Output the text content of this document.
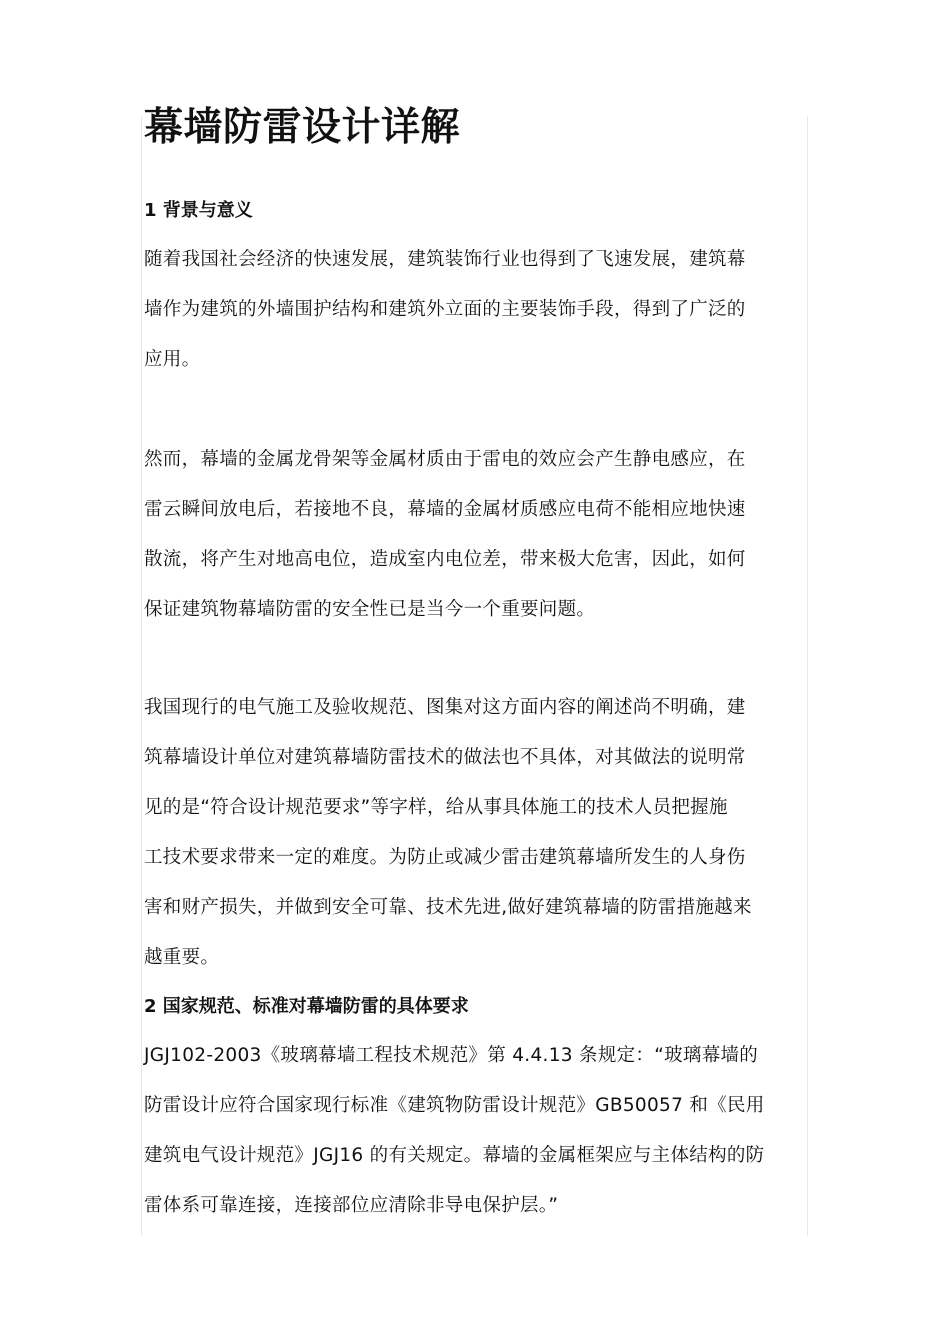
幕墙防雷设计详解
1 背景与意义
随着我国社会经济的快速发展，建筑装饰行业也得到了飞速发展，建筑幕
墙作为建筑的外墙围护结构和建筑外立面的主要装饰手段，得到了广泛的
应用。
然而，幕墙的金属龙骨架等金属材质由于雷电的效应会产生静电感应，在
雷云瞬间放电后，若接地不良，幕墙的金属材质感应电荷不能相应地快速
散流，将产生对地高电位，造成室内电位差，带来极大危害，因此，如何
保证建筑物幕墙防雷的安全性已是当今一个重要问题。
我国现行的电气施工及验收规范、图集对这方面内容的阐述尚不明确，建
筑幕墙设计单位对建筑幕墙防雷技术的做法也不具体，对其做法的说明常
见的是“符合设计规范要求”等字样，给从事具体施工的技术人员把握施
工技术要求带来一定的难度。为防止或减少雷击建筑幕墙所发生的人身伤
害和财产损失，并做到安全可靠、技术先进,做好建筑幕墙的防雷措施越来
越重要。
2 国家规范、标准对幕墙防雷的具体要求
JGJ102-2003《玻璃幕墙工程技术规范》第 4.4.13 条规定：“玻璃幕墙的
防雷设计应符合国家现行标准《建筑物防雷设计规范》GB50057 和《民用
建筑电气设计规范》JGJ16 的有关规定。幕墙的金属框架应与主体结构的防
雷体系可靠连接，连接部位应清除非导电保护层。”
